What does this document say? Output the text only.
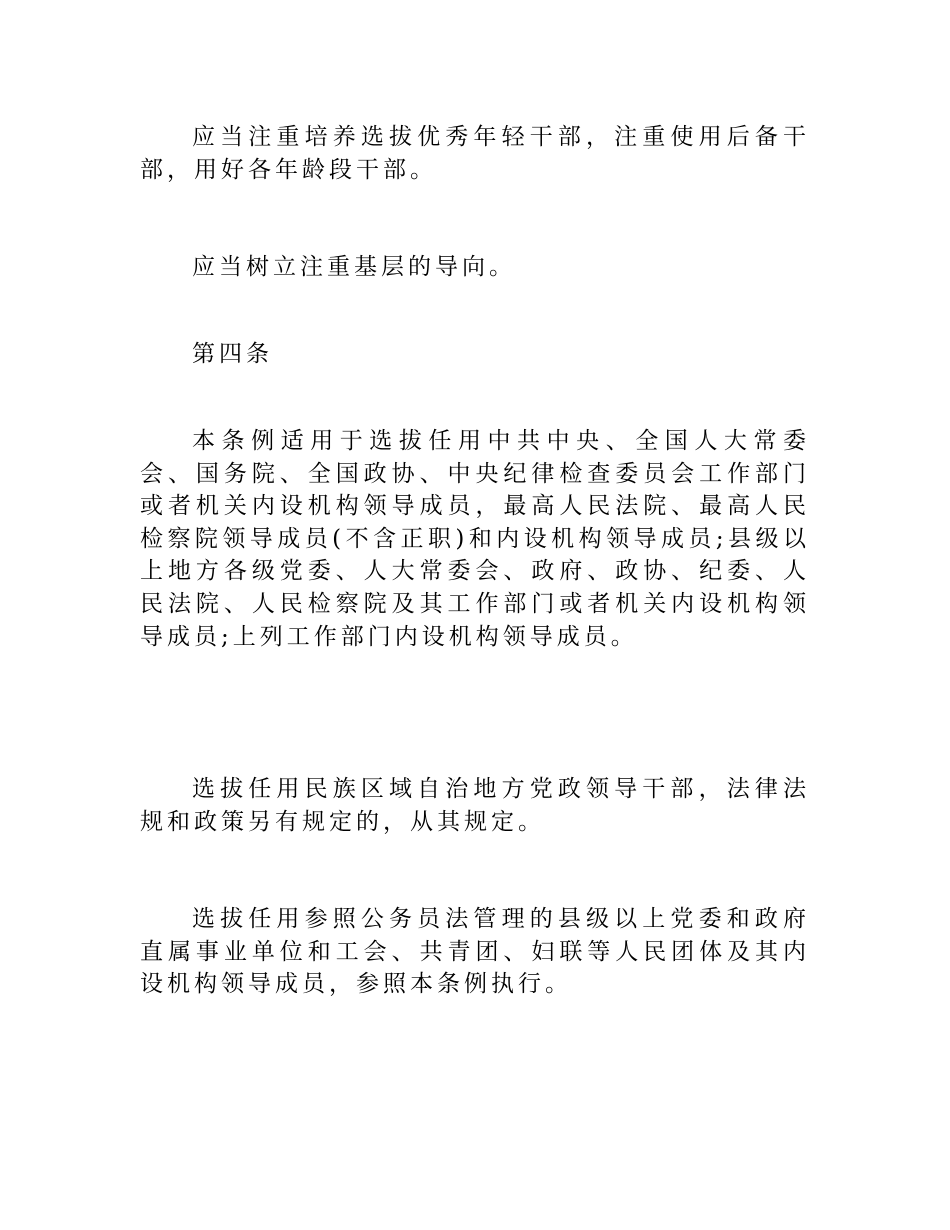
应当注重培养选拔优秀年轻干部，注重使用后备干部，用好各年龄段干部。

应当树立注重基层的导向。

第四条

本条例适用于选拔任用中共中央、全国人大常委会、国务院、全国政协、中央纪律检查委员会工作部门或者机关内设机构领导成员，最高人民法院、最高人民检察院领导成员(不含正职)和内设机构领导成员;县级以上地方各级党委、人大常委会、政府、政协、纪委、人民法院、人民检察院及其工作部门或者机关内设机构领导成员;上列工作部门内设机构领导成员。

选拔任用民族区域自治地方党政领导干部，法律法规和政策另有规定的，从其规定。

选拔任用参照公务员法管理的县级以上党委和政府直属事业单位和工会、共青团、妇联等人民团体及其内设机构领导成员，参照本条例执行。
